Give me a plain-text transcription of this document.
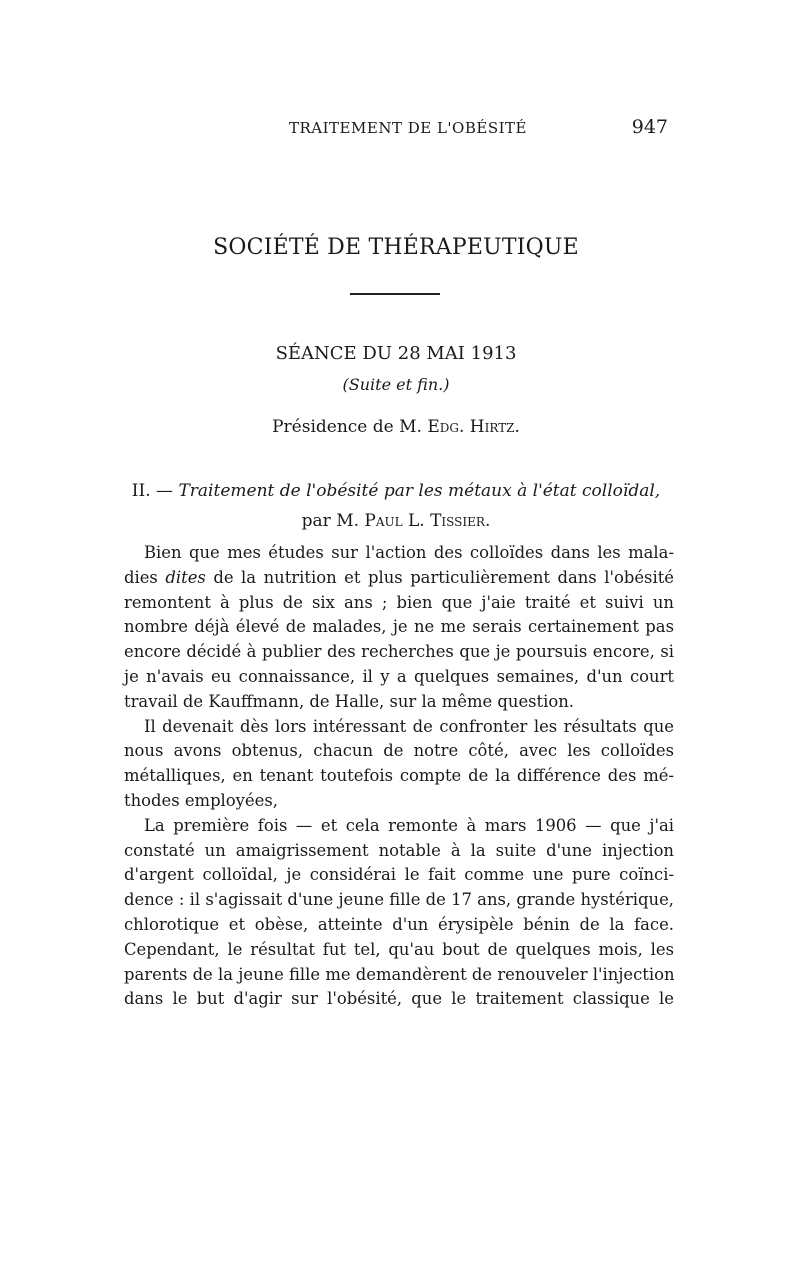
TRAITEMENT DE L'OBÉSITÉ	947
SOCIÉTÉ DE THÉRAPEUTIQUE
SÉANCE DU 28 MAI 1913
(Suite et fin.)
Présidence de M. Edg. Hirtz.
II. — Traitement de l'obésité par les métaux à l'état colloïdal,
par M. Paul L. Tissier.
Bien que mes études sur l'action des colloïdes dans les mala-
dies dites de la nutrition et plus particulièrement dans l'obésité
remontent à plus de six ans ; bien que j'aie traité et suivi un
nombre déjà élevé de malades, je ne me serais certainement pas
encore décidé à publier des recherches que je poursuis encore, si
je n'avais eu connaissance, il y a quelques semaines, d'un court
travail de Kauffmann, de Halle, sur la même question.
Il devenait dès lors intéressant de confronter les résultats que
nous avons obtenus, chacun de notre côté, avec les colloïdes
métalliques, en tenant toutefois compte de la différence des mé-
thodes employées,
La première fois — et cela remonte à mars 1906 — que j'ai
constaté un amaigrissement notable à la suite d'une injection
d'argent colloïdal, je considérai le fait comme une pure coïnci-
dence : il s'agissait d'une jeune fille de 17 ans, grande hystérique,
chlorotique et obèse, atteinte d'un érysipèle bénin de la face.
Cependant, le résultat fut tel, qu'au bout de quelques mois, les
parents de la jeune fille me demandèrent de renouveler l'injection
dans le but d'agir sur l'obésité, que le traitement classique le
